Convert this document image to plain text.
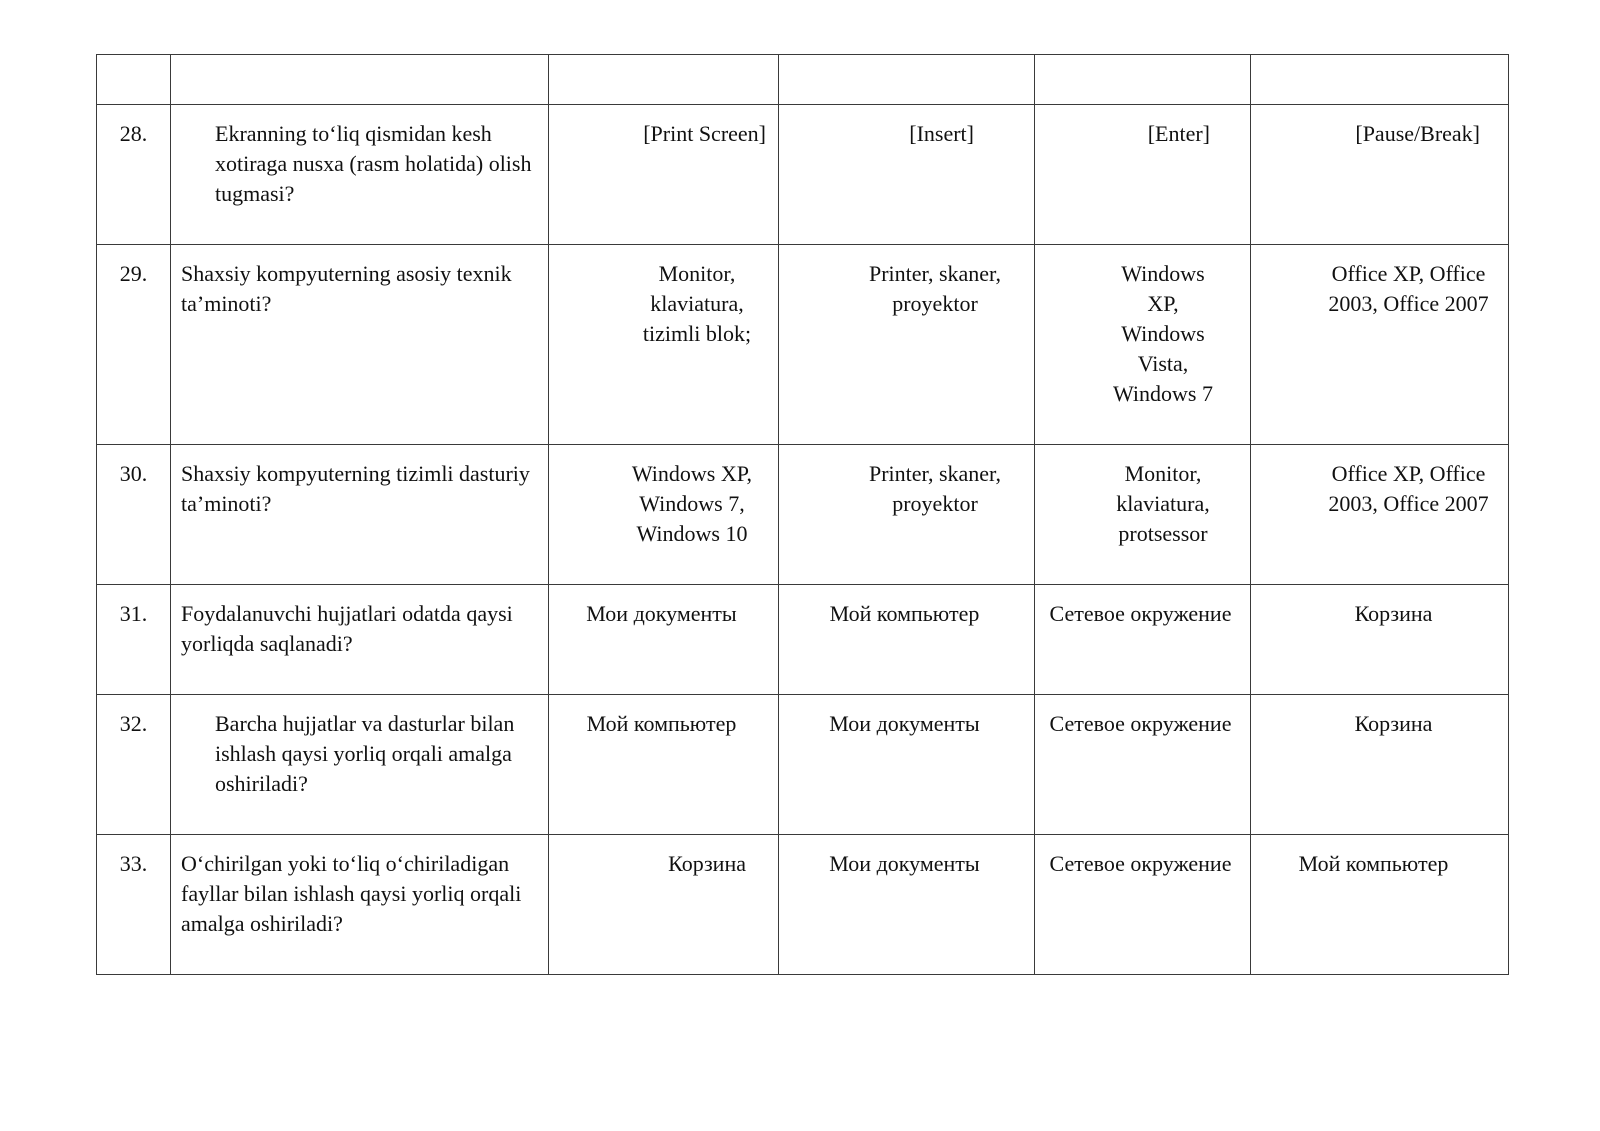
28.	Ekranning to‘liq qismidan kesh xotiraga nusxa (rasm holatida) olish tugmasi?	[Print Screen]	[Insert]	[Enter]	[Pause/Break]
29.	Shaxsiy kompyuterning asosiy texnik ta’minoti?	Monitor, klaviatura, tizimli blok;	Printer, skaner, proyektor	Windows XP, Windows Vista, Windows 7	Office XP, Office 2003, Office 2007

30.	Shaxsiy kompyuterning tizimli dasturiy ta’minoti?	Windows XP, Windows 7, Windows 10	Printer, skaner, proyektor	Monitor, klaviatura, protsessor	Office XP, Office 2003, Office 2007

31.	Foydalanuvchi hujjatlari odatda qaysi yorliqda saqlanadi?	Мои документы	Мой компьютер	Сетевое окружение	Корзина
32.	Barcha hujjatlar va dasturlar bilan ishlash qaysi yorliq orqali amalga oshiriladi?	Мой компьютер	Мои документы	Сетевое окружение	Корзина
33.	O‘chirilgan yoki to‘liq o‘chiriladigan fayllar bilan ishlash qaysi yorliq orqali amalga oshiriladi?	Корзина	Мои документы	Сетевое окружение	Мой компьютер
